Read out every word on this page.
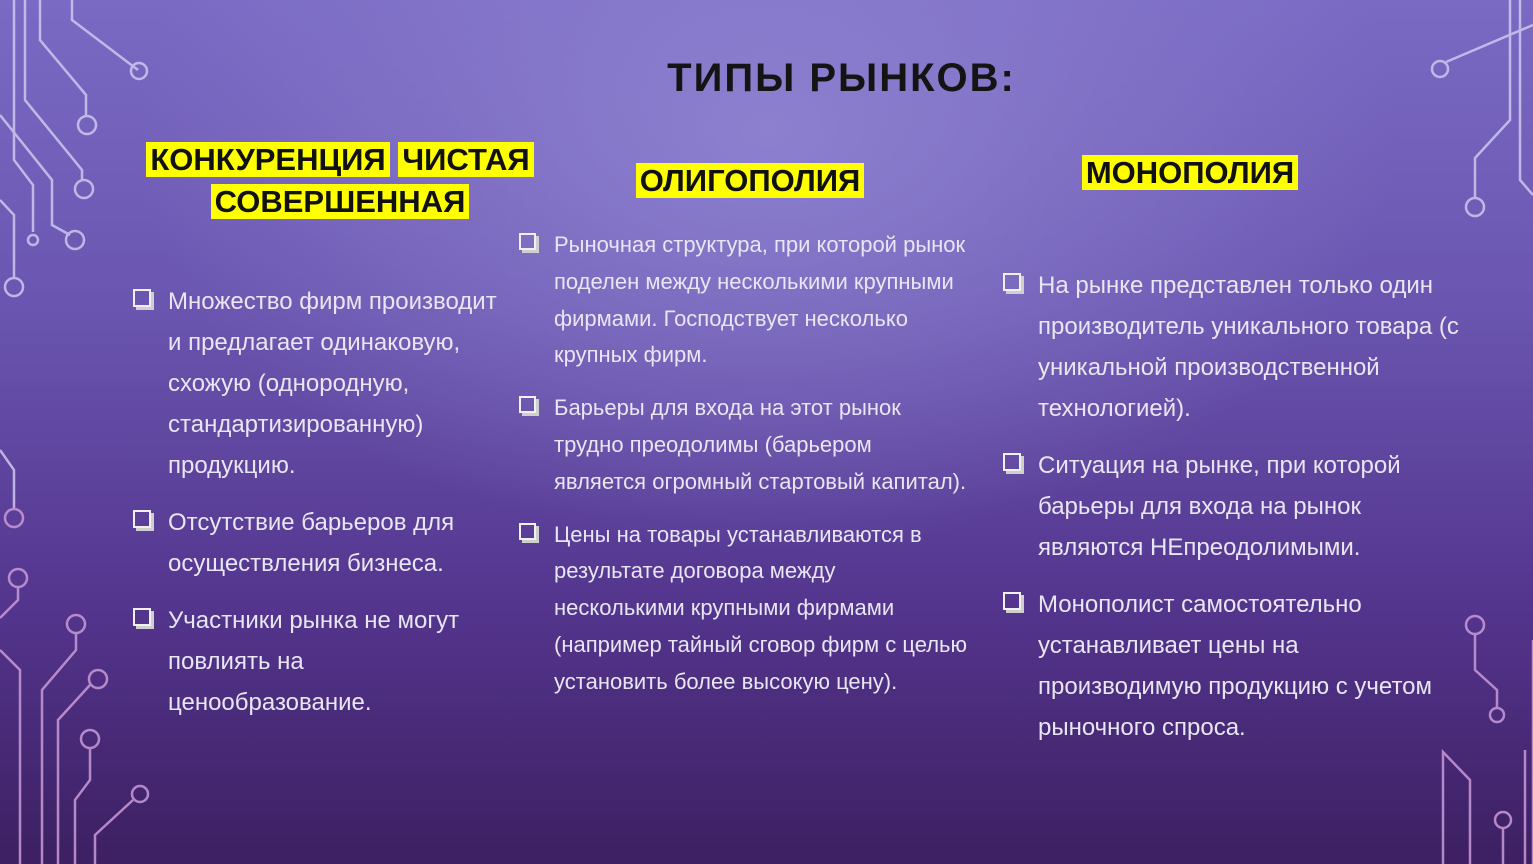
ТИПЫ РЫНКОВ:
КОНКУРЕНЦИЯ ЧИСТАЯ
СОВЕРШЕННАЯ
ОЛИГОПОЛИЯ	МОНОПОЛИЯ
Множество фирм производит и предлагает одинаковую, схожую (однородную, стандартизированную) продукцию.
Отсутствие барьеров для осуществления бизнеса.
Участники рынка не могут повлиять на ценообразование.
Рыночная структура, при которой рынок поделен между несколькими крупными фирмами. Господствует несколько крупных фирм.
Барьеры для входа на этот рынок трудно преодолимы (барьером является огромный стартовый капитал).
Цены на товары устанавливаются в результате договора между несколькими крупными фирмами (например тайный сговор фирм с целью установить более высокую цену).
На рынке представлен только один производитель уникального товара (с уникальной производственной технологией).
Ситуация на рынке, при которой барьеры для входа на рынок являются НЕпреодолимыми.
Монополист самостоятельно устанавливает цены на производимую продукцию с учетом рыночного спроса.
